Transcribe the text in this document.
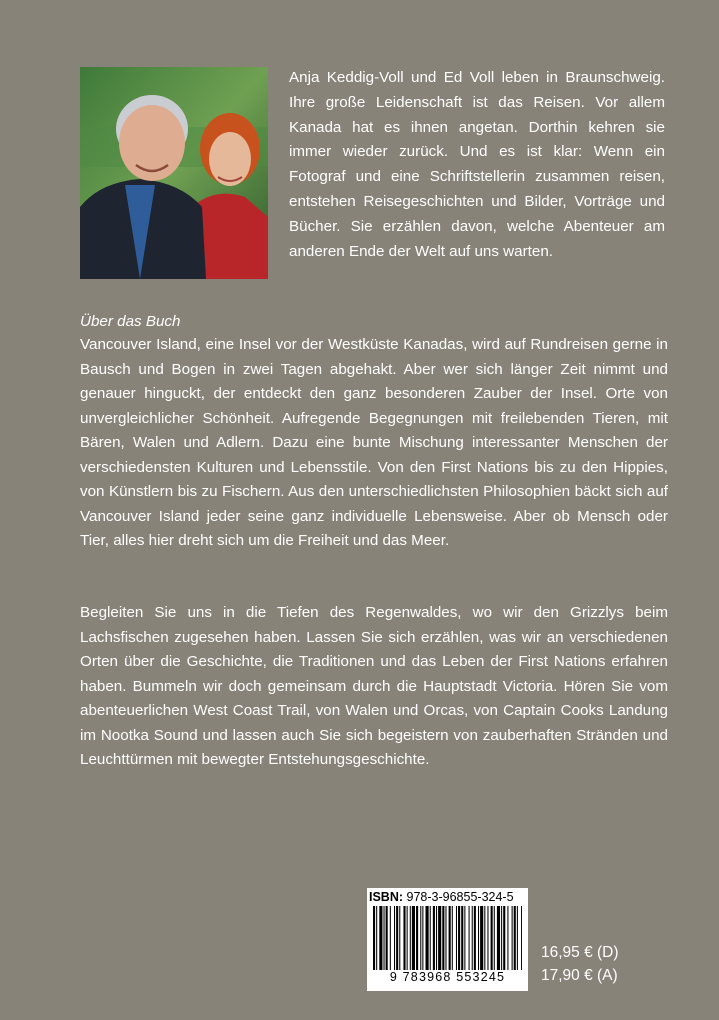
Anja Keddig-Voll und Ed Voll leben in Braunschweig. Ihre große Leidenschaft ist das Reisen. Vor allem Kanada hat es ihnen angetan. Dorthin kehren sie immer wieder zurück. Und es ist klar: Wenn ein Fotograf und eine Schriftstellerin zusammen reisen, entstehen Reisegeschichten und Bilder, Vorträge und Bücher. Sie erzählen davon, welche Abenteuer am anderen Ende der Welt auf uns warten.

Über das Buch

Vancouver Island, eine Insel vor der Westküste Kanadas, wird auf Rundreisen gerne in Bausch und Bogen in zwei Tagen abgehakt. Aber wer sich länger Zeit nimmt und genauer hinguckt, der entdeckt den ganz besonderen Zauber der Insel. Orte von unvergleichlicher Schönheit. Aufregende Begegnungen mit freilebenden Tieren, mit Bären, Walen und Adlern. Dazu eine bunte Mischung interessanter Menschen der verschiedensten Kulturen und Lebensstile. Von den First Nations bis zu den Hippies, von Künstlern bis zu Fischern. Aus den unterschiedlichsten Philosophien bäckt sich auf Vancouver Island jeder seine ganz individuelle Lebensweise. Aber ob Mensch oder Tier, alles hier dreht sich um die Freiheit und das Meer.

Begleiten Sie uns in die Tiefen des Regenwaldes, wo wir den Grizzlys beim Lachsfischen zugesehen haben. Lassen Sie sich erzählen, was wir an verschiedenen Orten über die Geschichte, die Traditionen und das Leben der First Nations erfahren haben. Bummeln wir doch gemeinsam durch die Hauptstadt Victoria. Hören Sie vom abenteuerlichen West Coast Trail, von Walen und Orcas, von Captain Cooks Landung im Nootka Sound und lassen auch Sie sich begeistern von zauberhaften Stränden und Leuchttürmen mit bewegter Entstehungsgeschichte.

ISBN: 978-3-96855-324-5
9 783968 553245
16,95 € (D)
17,90 € (A)
